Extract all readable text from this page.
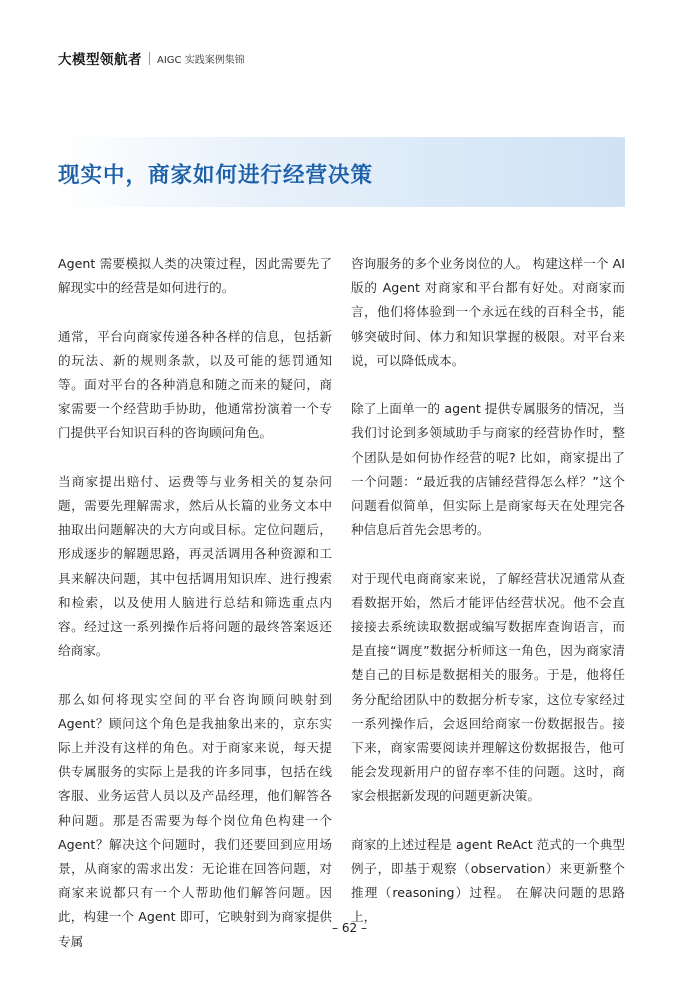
大模型领航者 AIGC 实践案例集锦
现实中，商家如何进行经营决策

Agent 需要模拟人类的决策过程，因此需要先了解现实中的经营是如何进行的。

通常，平台向商家传递各种各样的信息，包括新的玩法、新的规则条款，以及可能的惩罚通知等。面对平台的各种消息和随之而来的疑问，商家需要一个经营助手协助，他通常扮演着一个专门提供平台知识百科的咨询顾问角色。

当商家提出赔付、运费等与业务相关的复杂问题，需要先理解需求，然后从长篇的业务文本中抽取出问题解决的大方向或目标。定位问题后，形成逐步的解题思路，再灵活调用各种资源和工具来解决问题，其中包括调用知识库、进行搜索和检索，以及使用人脑进行总结和筛选重点内容。经过这一系列操作后将问题的最终答案返还给商家。

那么如何将现实空间的平台咨询顾问映射到 Agent？顾问这个角色是我抽象出来的，京东实际上并没有这样的角色。对于商家来说，每天提供专属服务的实际上是我的许多同事，包括在线客服、业务运营人员以及产品经理，他们解答各种问题。那是否需要为每个岗位角色构建一个 Agent？解决这个问题时，我们还要回到应用场景，从商家的需求出发：无论谁在回答问题，对商家来说都只有一个人帮助他们解答问题。因此，构建一个 Agent 即可，它映射到为商家提供专属

咨询服务的多个业务岗位的人。 构建这样一个 AI 版的 Agent 对商家和平台都有好处。对商家而言，他们将体验到一个永远在线的百科全书，能够突破时间、体力和知识掌握的极限。对平台来说，可以降低成本。

除了上面单一的 agent 提供专属服务的情况，当我们讨论到多领域助手与商家的经营协作时，整个团队是如何协作经营的呢? 比如，商家提出了一个问题：“最近我的店铺经营得怎么样？”这个问题看似简单，但实际上是商家每天在处理完各种信息后首先会思考的。

对于现代电商商家来说，了解经营状况通常从查看数据开始，然后才能评估经营状况。他不会直接接去系统读取数据或编写数据库查询语言，而是直接“调度”数据分析师这一角色，因为商家清楚自己的目标是数据相关的服务。于是，他将任务分配给团队中的数据分析专家，这位专家经过一系列操作后，会返回给商家一份数据报告。接下来，商家需要阅读并理解这份数据报告，他可能会发现新用户的留存率不佳的问题。这时，商家会根据新发现的问题更新决策。

商家的上述过程是 agent ReAct 范式的一个典型例子，即基于观察（observation）来更新整个推理（reasoning）过程。 在解决问题的思路上，

– 62 –
